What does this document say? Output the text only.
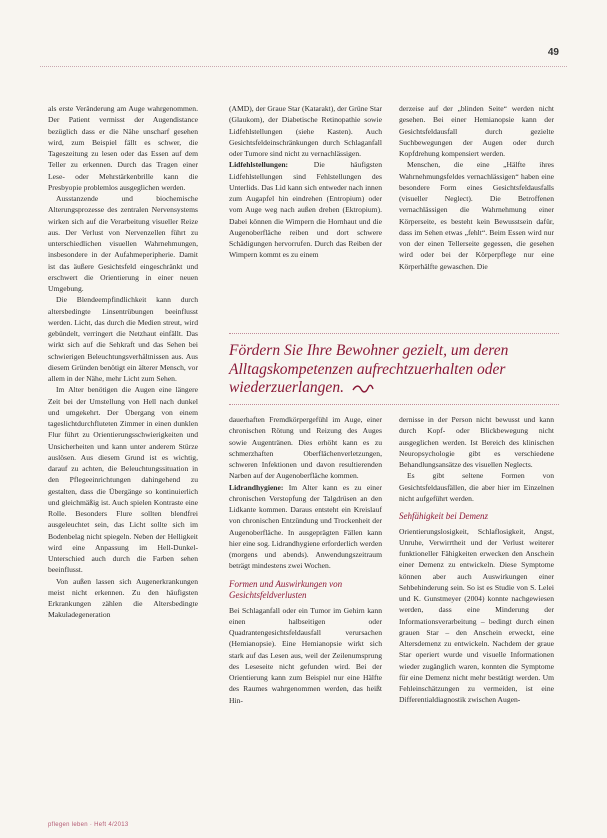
49

als erste Veränderung am Auge wahrgenommen. Der Patient vermisst der Augendistance bezüglich dass er die Nähe unscharf gesehen wird, zum Beispiel fällt es schwer, die Tageszeitung zu lesen oder das Essen auf dem Teller zu erkennen. Durch das Tragen einer Lese- oder Mehrstärkenbrille kann die Presbyopie problemlos ausgeglichen werden.

Ausstanzende und biochemische Alterungsprozesse des zentralen Nervensystems wirken sich auf die Verarbeitung visueller Reize aus. Der Verlust von Nervenzellen führt zu unterschiedlichen visuellen Wahrnehmungen, insbesondere in der Aufahmeperipherie. Damit ist das äußere Gesichtsfeld eingeschränkt und erschwert die Orientierung in einer neuen Umgebung.

Die Blendeempfindlichkeit kann durch altersbedingte Linsentrübungen beeinflusst werden. Licht, das durch die Medien streut, wird gebündelt, verringert die Netzhaut einfällt. Das wirkt sich auf die Sehkraft und das Sehen bei schwierigen Beleuchtungsverhältnissen aus. Aus diesem Gründen benötigt ein älterer Mensch, vor allem in der Nähe, mehr Licht zum Sehen.

Im Alter benötigen die Augen eine längere Zeit bei der Umstellung von Hell nach dunkel und umgekehrt. Der Übergang von einem tageslichtdurchfluteten Zimmer in einen dunklen Flur führt zu Orientierungsschwierigkeiten und Unsicherheiten und kann unter anderem Stürze auslösen. Aus diesem Grund ist es wichtig, darauf zu achten, die Beleuchtungssituation in den Pflegeeinrichtungen dahingehend zu gestalten, dass die Übergänge so kontinuierlich und gleichmäßig ist. Auch spielen Kontraste eine Rolle. Besonders Flure sollten blendfrei ausgeleuchtet sein, das Licht sollte sich im Bodenbelag nicht spiegeln. Neben der Helligkeit wird eine Anpassung im Hell-Dunkel-Unterschied auch durch die Farben sehen beeinflusst.

Von außen lassen sich Augenerkrankungen meist nicht erkennen. Zu den häufigsten Erkrankungen zählen die Altersbedingte Makuladegeneration

(AMD), der Graue Star (Katarakt), der Grüne Star (Glaukom), der Diabetische Retinopathie sowie Lidfehlstellungen (siehe Kasten). Auch Gesichtsfeldeinschränkungen durch Schlaganfall oder Tumore sind nicht zu vernachlässigen.

Lidfehlstellungen: Die häufigsten Lidfehlstellungen sind Fehlstellungen des Unterlids. Das Lid kann sich entweder nach innen zum Augapfel hin eindrehen (Entropium) oder vom Auge weg nach außen drehen (Ektropium). Dabei können die Wimpern die Hornhaut und die Augenoberfläche reiben und dort schwere Schädigungen hervorrufen. Durch das Reiben der Wimpern kommt es zu einem

derzeise auf der „blinden Seite“ werden nicht gesehen. Bei einer Hemianopsie kann der Gesichtsfeldausfall durch gezielte Suchbewegungen der Augen oder durch Kopfdrehung kompensiert werden.

Menschen, die eine „Hälfte ihres Wahrnehmungsfeldes vernachlässigen“ haben eine besondere Form eines Gesichtsfeldausfalls (visueller Neglect). Die Betroffenen vernachlässigen die Wahrnehmung einer Körperseite, es besteht kein Bewusstsein dafür, dass im Sehen etwas „fehlt“. Beim Essen wird nur von der einen Tellerseite gegessen, die gesehen wird oder bei der Körperpflege nur eine Körperhälfte gewaschen. Die

Fördern Sie Ihre Bewohner gezielt, um deren Alltagskompetenzen aufrechtzuerhalten oder wiederzuerlangen.

dauerhaften Fremdkörpergefühl im Auge, einer chronischen Rötung und Reizung des Auges sowie Augentränen. Dies erhöht kann es zu schmerzhaften Oberflächenverletzungen, schweren Infektionen und davon resultierenden Narben auf der Augenoberfläche kommen.

Lidrandhygiene: Im Alter kann es zu einer chronischen Verstopfung der Talgdrüsen an den Lidkante kommen. Daraus entsteht ein Kreislauf von chronischen Entzündung und Trockenheit der Augenoberfläche. In ausgeprägten Fällen kann hier eine sog. Lidrandhygiene erforderlich werden (morgens und abends). Anwendungszeitraum beträgt mindestens zwei Wochen.

Formen und Auswirkungen von Gesichtsfeldverlusten

Bei Schlaganfall oder ein Tumor im Gehirn kann einen halbseitigen oder Quadrantengesichtsfeldausfall verursachen (Hemianopsie). Eine Hemianopsie wirkt sich stark auf das Lesen aus, weil der Zeilenumsprung des Leseseite nicht gefunden wird. Bei der Orientierung kann zum Beispiel nur eine Hälfte des Raumes wahrgenommen werden, das heißt Hin-

dernisse in der Person nicht bewusst und kann durch Kopf- oder Blickbewegung nicht ausgeglichen werden. Ist Bereich des klinischen Neuropsychologie gibt es verschiedene Behandlungsansätze des visuellen Neglects.

Es gibt seltene Formen von Gesichtsfeldausfällen, die aber hier im Einzelnen nicht aufgeführt werden.

Sehfähigkeit bei Demenz

Orientierungslosigkeit, Schlaflosigkeit, Angst, Unruhe, Verwirrtheit und der Verlust weiterer funktioneller Fähigkeiten erwecken den Anschein einer Demenz zu entwickeln. Diese Symptome können aber auch Auswirkungen einer Sehbehinderung sein. So ist es Studie von S. Lelei und K. Gunstmeyer (2004) konnte nachgewiesen werden, dass eine Minderung der Informationsverarbeitung – bedingt durch einen grauen Star – den Anschein erweckt, eine Altersdemenz zu entwickeln. Nachdem der graue Star operiert wurde und visuelle Informationen wieder zugänglich waren, konnten die Symptome für eine Demenz nicht mehr bestätigt werden. Um Fehleinschätzungen zu vermeiden, ist eine Differentialdiagnostik zwischen Augen-

pflegen leben · Heft 4/2013
